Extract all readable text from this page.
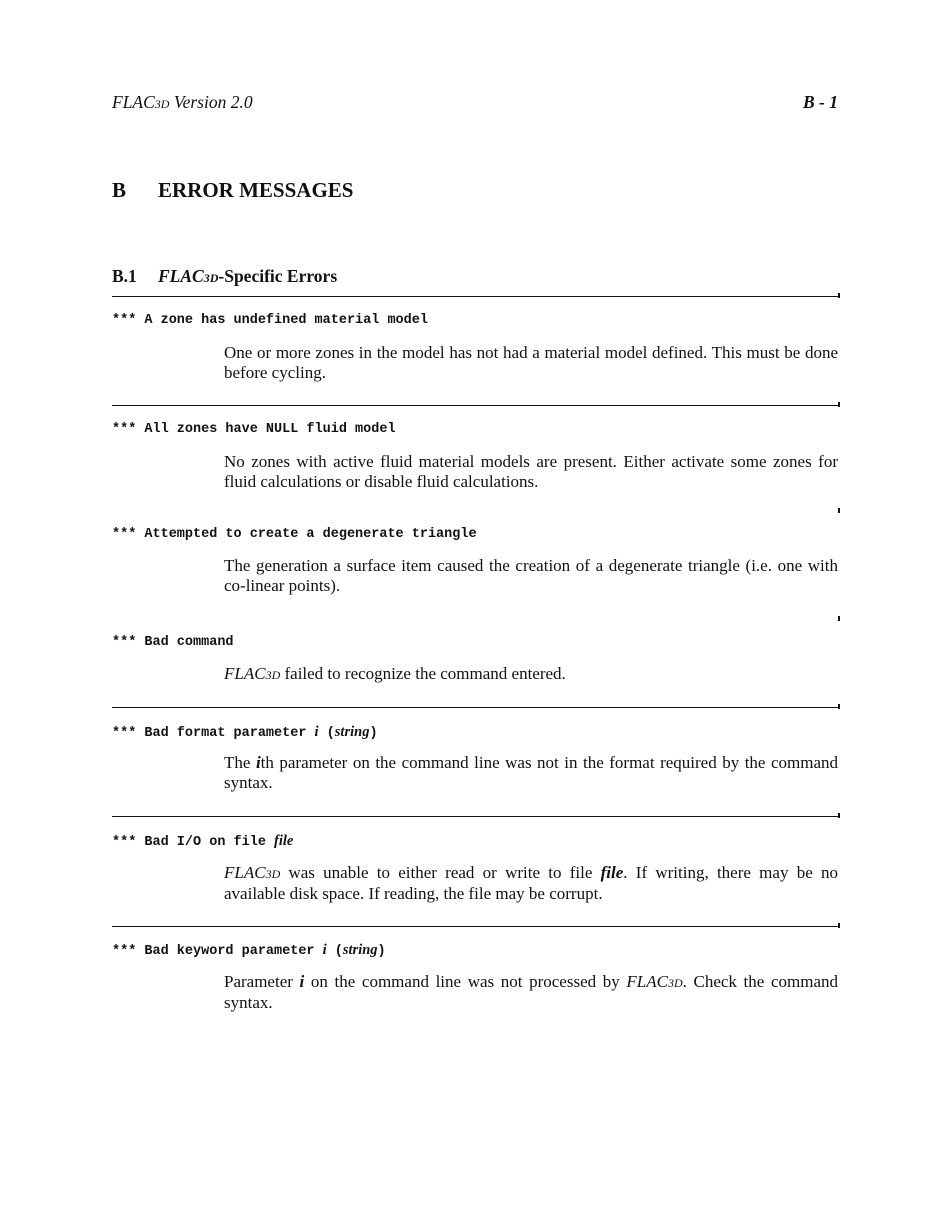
FLAC3D Version 2.0	B - 1
B ERROR MESSAGES
B.1 FLAC3D-Specific Errors
*** A zone has undefined material model
One or more zones in the model has not had a material model defined. This must be done before cycling.
*** All zones have NULL fluid model
No zones with active fluid material models are present. Either activate some zones for fluid calculations or disable fluid calculations.
*** Attempted to create a degenerate triangle
The generation a surface item caused the creation of a degenerate triangle (i.e. one with co-linear points).
*** Bad command
FLAC3D failed to recognize the command entered.
*** Bad format parameter i (string)
The ith parameter on the command line was not in the format required by the command syntax.
*** Bad I/O on file file
FLAC3D was unable to either read or write to file file. If writing, there may be no available disk space. If reading, the file may be corrupt.
*** Bad keyword parameter i (string)
Parameter i on the command line was not processed by FLAC3D. Check the command syntax.
